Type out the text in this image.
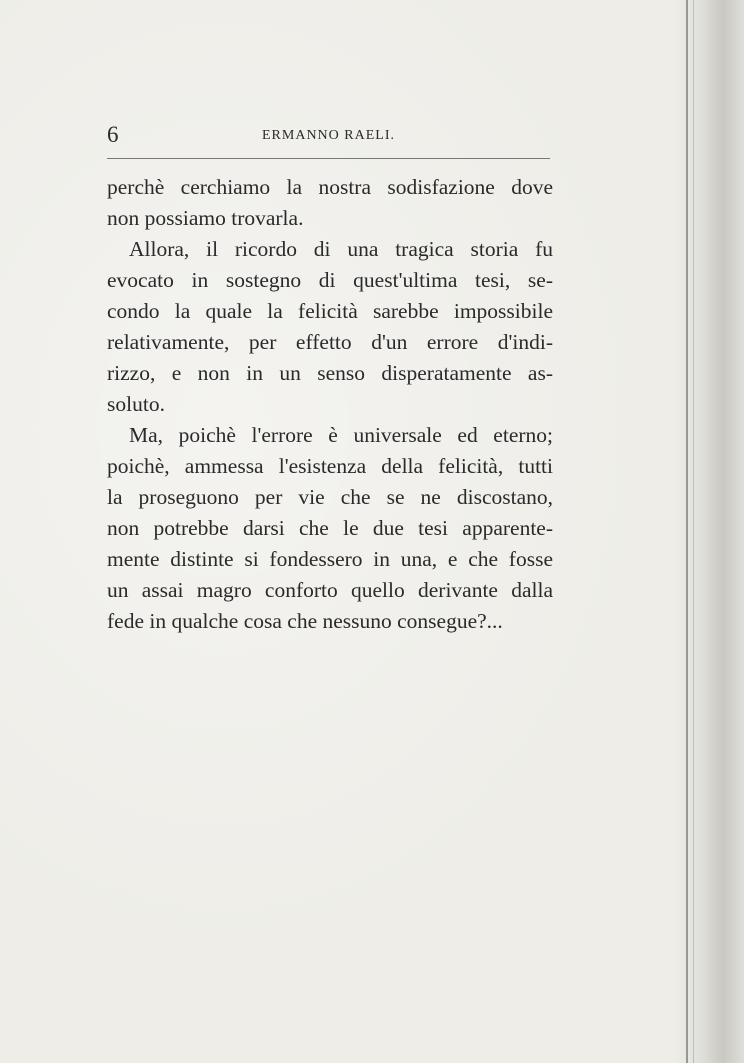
6	ERMANNO RAELI.

perchè cerchiamo la nostra sodisfazione dove
non possiamo trovarla.

Allora, il ricordo di una tragica storia fu
evocato in sostegno di quest'ultima tesi, se-
condo la quale la felicità sarebbe impossibile
relativamente, per effetto d'un errore d'indi-
rizzo, e non in un senso disperatamente as-
soluto.

Ma, poichè l'errore è universale ed eterno;
poichè, ammessa l'esistenza della felicità, tutti
la proseguono per vie che se ne discostano,
non potrebbe darsi che le due tesi apparente-
mente distinte si fondessero in una, e che fosse
un assai magro conforto quello derivante dalla
fede in qualche cosa che nessuno consegue?...
